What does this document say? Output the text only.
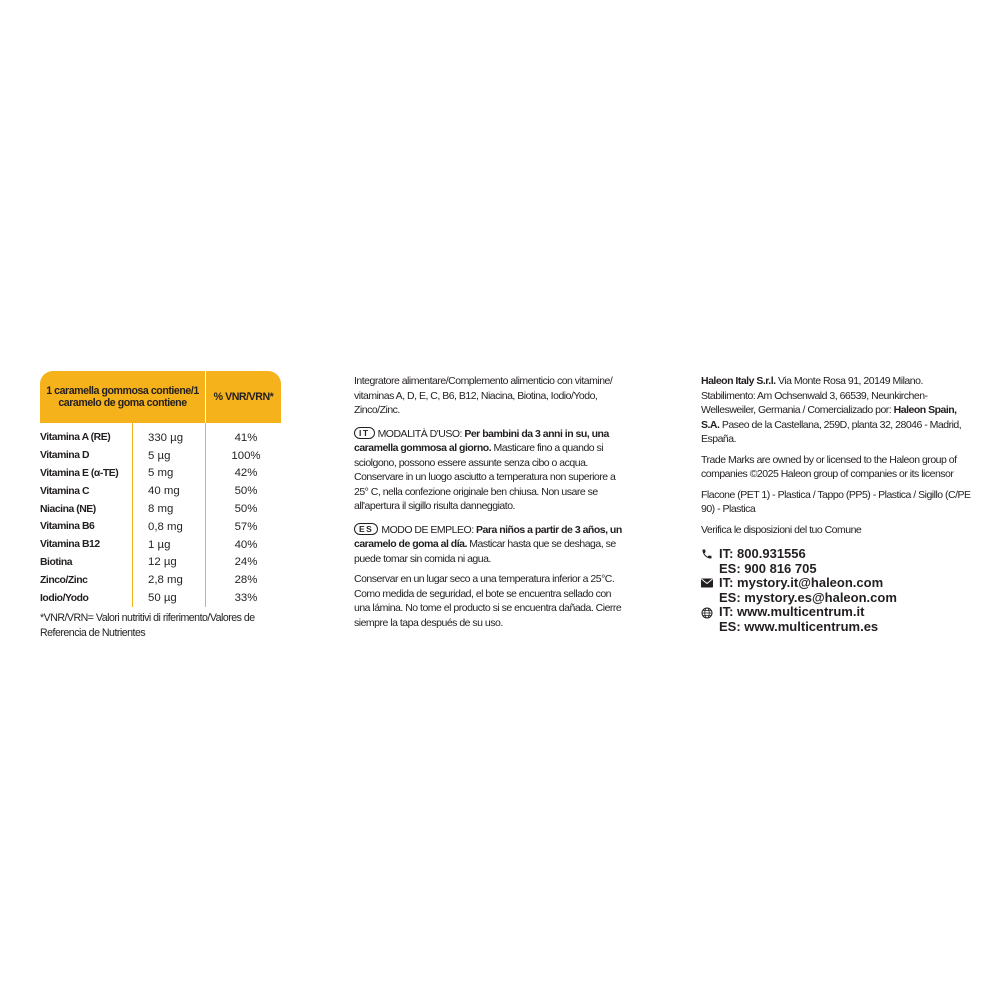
1 caramella gommosa contiene/1 caramelo de goma contiene
% VNR/VRN*
Vitamina A (RE)	330 µg	41%
Vitamina D	5 µg	100%
Vitamina E (α-TE)	5 mg	42%
Vitamina C	40 mg	50%
Niacina (NE)	8 mg	50%
Vitamina B6	0,8 mg	57%
Vitamina B12	1 µg	40%
Biotina	12 µg	24%
Zinco/Zinc	2,8 mg	28%
Iodio/Yodo	50 µg	33%
*VNR/VRN= Valori nutritivi di riferimento/Valores de Referencia de Nutrientes

Integratore alimentare/Complemento alimenticio con vitamine/ vitaminas A, D, E, C, B6, B12, Niacina, Biotina, Iodio/Yodo, Zinco/Zinc.

IT MODALITÀ D'USO: Per bambini da 3 anni in su, una caramella gommosa al giorno. Masticare fino a quando si sciolgono, possono essere assunte senza cibo o acqua.

Conservare in un luogo asciutto a temperatura non superiore a 25° C, nella confezione originale ben chiusa. Non usare se all'apertura il sigillo risulta danneggiato.

ES MODO DE EMPLEO: Para niños a partir de 3 años, un caramelo de goma al día. Masticar hasta que se deshaga, se puede tomar sin comida ni agua.

Conservar en un lugar seco a una temperatura inferior a 25°C. Como medida de seguridad, el bote se encuentra sellado con una lámina. No tome el producto si se encuentra dañada. Cierre siempre la tapa después de su uso.

Haleon Italy S.r.l. Via Monte Rosa 91, 20149 Milano. Stabilimento: Am Ochsenwald 3, 66539, Neunkirchen-Wellesweiler, Germania / Comercializado por: Haleon Spain, S.A. Paseo de la Castellana, 259D, planta 32, 28046 - Madrid, España.

Trade Marks are owned by or licensed to the Haleon group of companies ©2025 Haleon group of companies or its licensor

Flacone (PET 1) - Plastica / Tappo (PP5) - Plastica / Sigillo (C/PE 90) - Plastica

Verifica le disposizioni del tuo Comune

IT: 800.931556
ES: 900 816 705
IT: mystory.it@haleon.com
ES: mystory.es@haleon.com
IT: www.multicentrum.it
ES: www.multicentrum.es
